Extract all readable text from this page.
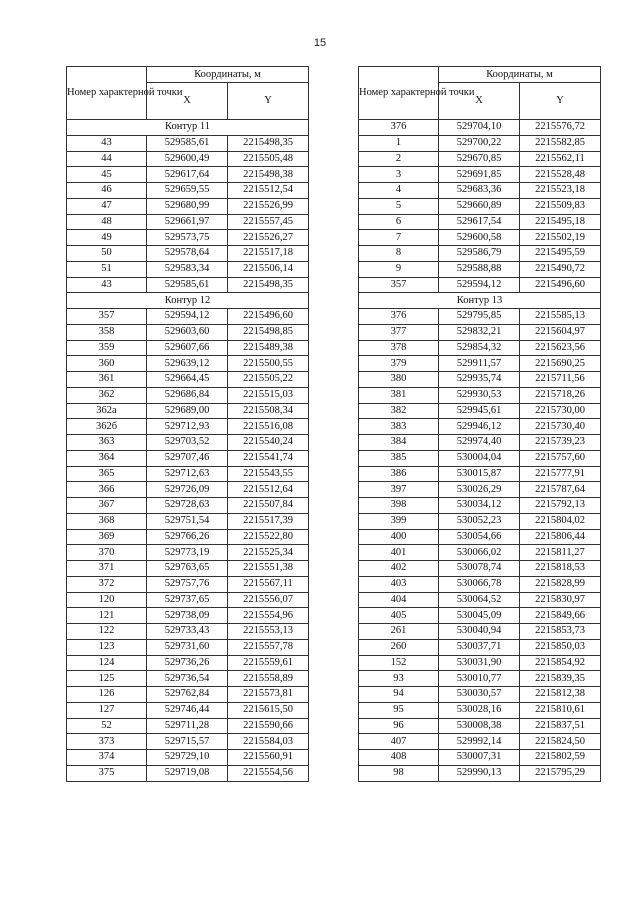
15
Номер характерной точки	Координаты, м	
	X	Y
Контур 11		
43	529585,61	2215498,35
44	529600,49	2215505,48
45	529617,64	2215498,38
46	529659,55	2215512,54
47	529680,99	2215526,99
48	529661,97	2215557,45
49	529573,75	2215526,27
50	529578,64	2215517,18
51	529583,34	2215506,14
43	529585,61	2215498,35
Контур 12		
357	529594,12	2215496,60
358	529603,60	2215498,85
359	529607,66	2215489,38
360	529639,12	2215500,55
361	529664,45	2215505,22
362	529686,84	2215515,03
362а	529689,00	2215508,34
362б	529712,93	2215516,08
363	529703,52	2215540,24
364	529707,46	2215541,74
365	529712,63	2215543,55
366	529726,09	2215512,64
367	529728,63	2215507,84
368	529751,54	2215517,39
369	529766,26	2215522,80
370	529773,19	2215525,34
371	529763,65	2215551,38
372	529757,76	2215567,11
120	529737,65	2215556,07
121	529738,09	2215554,96
122	529733,43	2215553,13
123	529731,60	2215557,78
124	529736,26	2215559,61
125	529736,54	2215558,89
126	529762,84	2215573,81
127	529746,44	2215615,50
52	529711,28	2215590,66
373	529715,57	2215584,03
374	529729,10	2215560,91
375	529719,08	2215554,56
Номер характерной точки	Координаты, м	
	X	Y
376	529704,10	2215576,72
1	529700,22	2215582,85
2	529670,85	2215562,11
3	529691,85	2215528,48
4	529683,36	2215523,18
5	529660,89	2215509,83
6	529617,54	2215495,18
7	529600,58	2215502,19
8	529586,79	2215495,59
9	529588,88	2215490,72
357	529594,12	2215496,60
Контур 13		
376	529795,85	2215585,13
377	529832,21	2215604,97
378	529854,32	2215623,56
379	529911,57	2215690,25
380	529935,74	2215711,56
381	529930,53	2215718,26
382	529945,61	2215730,00
383	529946,12	2215730,40
384	529974,40	2215739,23
385	530004,04	2215757,60
386	530015,87	2215777,91
397	530026,29	2215787,64
398	530034,12	2215792,13
399	530052,23	2215804,02
400	530054,66	2215806,44
401	530066,02	2215811,27
402	530078,74	2215818,53
403	530066,78	2215828,99
404	530064,52	2215830,97
405	530045,09	2215849,66
261	530040,94	2215853,73
260	530037,71	2215850,03
152	530031,90	2215854,92
93	530010,77	2215839,35
94	530030,57	2215812,38
95	530028,16	2215810,61
96	530008,38	2215837,51
407	529992,14	2215824,50
408	530007,31	2215802,59
98	529990,13	2215795,29
